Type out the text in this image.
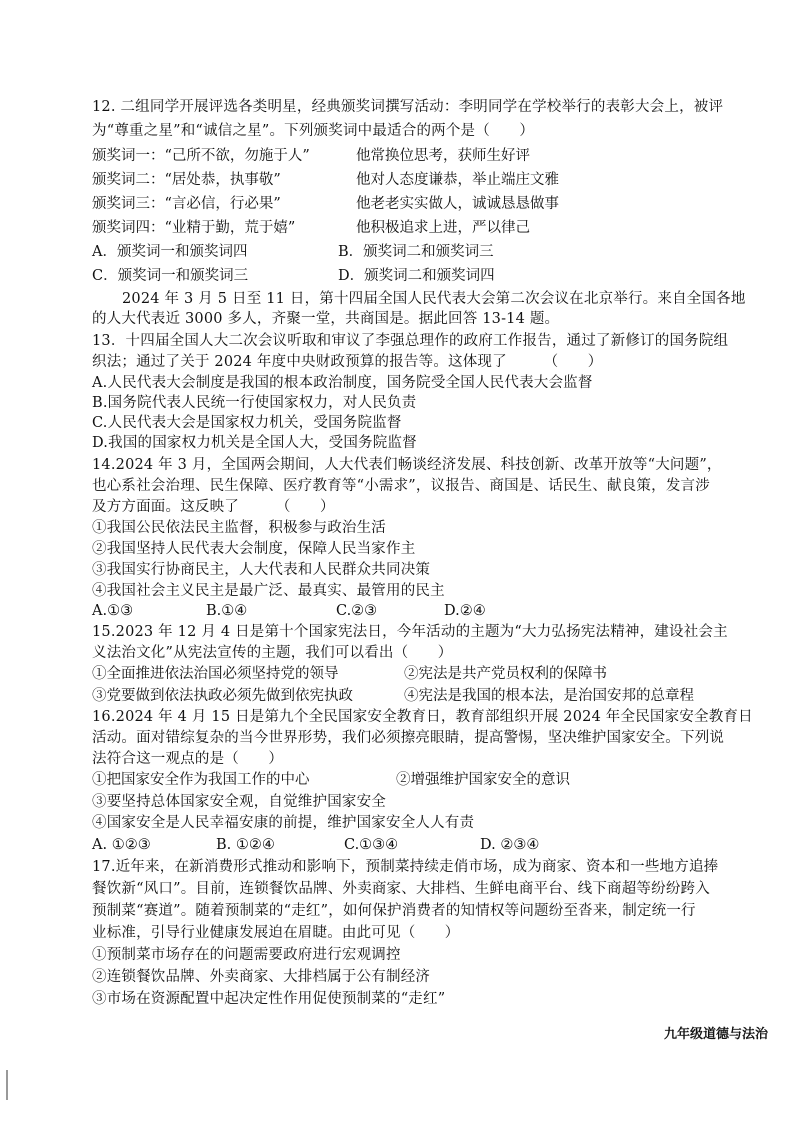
12. 二组同学开展评选各类明星，经典颁奖词撰写活动：李明同学在学校举行的表彰大会上，被评
为“尊重之星”和“诚信之星”。下列颁奖词中最适合的两个是（　　）
颁奖词一：“己所不欲，勿施于人”	他常换位思考，获师生好评
颁奖词二：“居处恭，执事敬”	他对人态度谦恭，举止端庄文雅
颁奖词三：“言必信，行必果”	他老老实实做人，诚诚恳恳做事
颁奖词四：“业精于勤，荒于嬉”	他积极追求上进，严以律己
A．颁奖词一和颁奖词四	B．颁奖词二和颁奖词三
C．颁奖词一和颁奖词三	D．颁奖词二和颁奖词四
2024 年 3 月 5 日至 11 日，第十四届全国人民代表大会第二次会议在北京举行。来自全国各地
的人大代表近 3000 多人，齐聚一堂，共商国是。据此回答 13-14 题。
13．十四届全国人大二次会议听取和审议了李强总理作的政府工作报告，通过了新修订的国务院组
织法；通过了关于 2024 年度中央财政预算的报告等。这体现了　　　（　　）
A.人民代表大会制度是我国的根本政治制度，国务院受全国人民代表大会监督
B.国务院代表人民统一行使国家权力，对人民负责
C.人民代表大会是国家权力机关，受国务院监督
D.我国的国家权力机关是全国人大，受国务院监督
14.2024 年 3 月，全国两会期间，人大代表们畅谈经济发展、科技创新、改革开放等“大问题”，
也心系社会治理、民生保障、医疗教育等“小需求”，议报告、商国是、话民生、献良策，发言涉
及方方面面。这反映了　　　（　　）
①我国公民依法民主监督，积极参与政治生活
②我国坚持人民代表大会制度，保障人民当家作主
③我国实行协商民主，人大代表和人民群众共同决策
④我国社会主义民主是最广泛、最真实、最管用的民主
A.①③	B.①④	C.②③	D.②④
15.2023 年 12 月 4 日是第十个国家宪法日，今年活动的主题为“大力弘扬宪法精神，建设社会主
义法治文化”从宪法宣传的主题，我们可以看出（　　）
①全面推进依法治国必须坚持党的领导	②宪法是共产党员权利的保障书
③党要做到依法执政必须先做到依宪执政	④宪法是我国的根本法，是治国安邦的总章程
16.2024 年 4 月 15 日是第九个全民国家安全教育日，教育部组织开展 2024 年全民国家安全教育日
活动。面对错综复杂的当今世界形势，我们必须擦亮眼睛，提高警惕，坚决维护国家安全。下列说
法符合这一观点的是（　　）
①把国家安全作为我国工作的中心	②增强维护国家安全的意识
③要坚持总体国家安全观，自觉维护国家安全
④国家安全是人民幸福安康的前提，维护国家安全人人有责
A. ①②③	B. ①②④	C.①③④	D. ②③④
17.近年来，在新消费形式推动和影响下，预制菜持续走俏市场，成为商家、资本和一些地方追捧
餐饮新“风口”。目前，连锁餐饮品牌、外卖商家、大排档、生鲜电商平台、线下商超等纷纷跨入
预制菜“赛道”。随着预制菜的“走红”，如何保护消费者的知情权等问题纷至沓来，制定统一行
业标准，引导行业健康发展迫在眉睫。由此可见（　　）
①预制菜市场存在的问题需要政府进行宏观调控
②连锁餐饮品牌、外卖商家、大排档属于公有制经济
③市场在资源配置中起决定性作用促使预制菜的“走红”
九年级道德与法治
